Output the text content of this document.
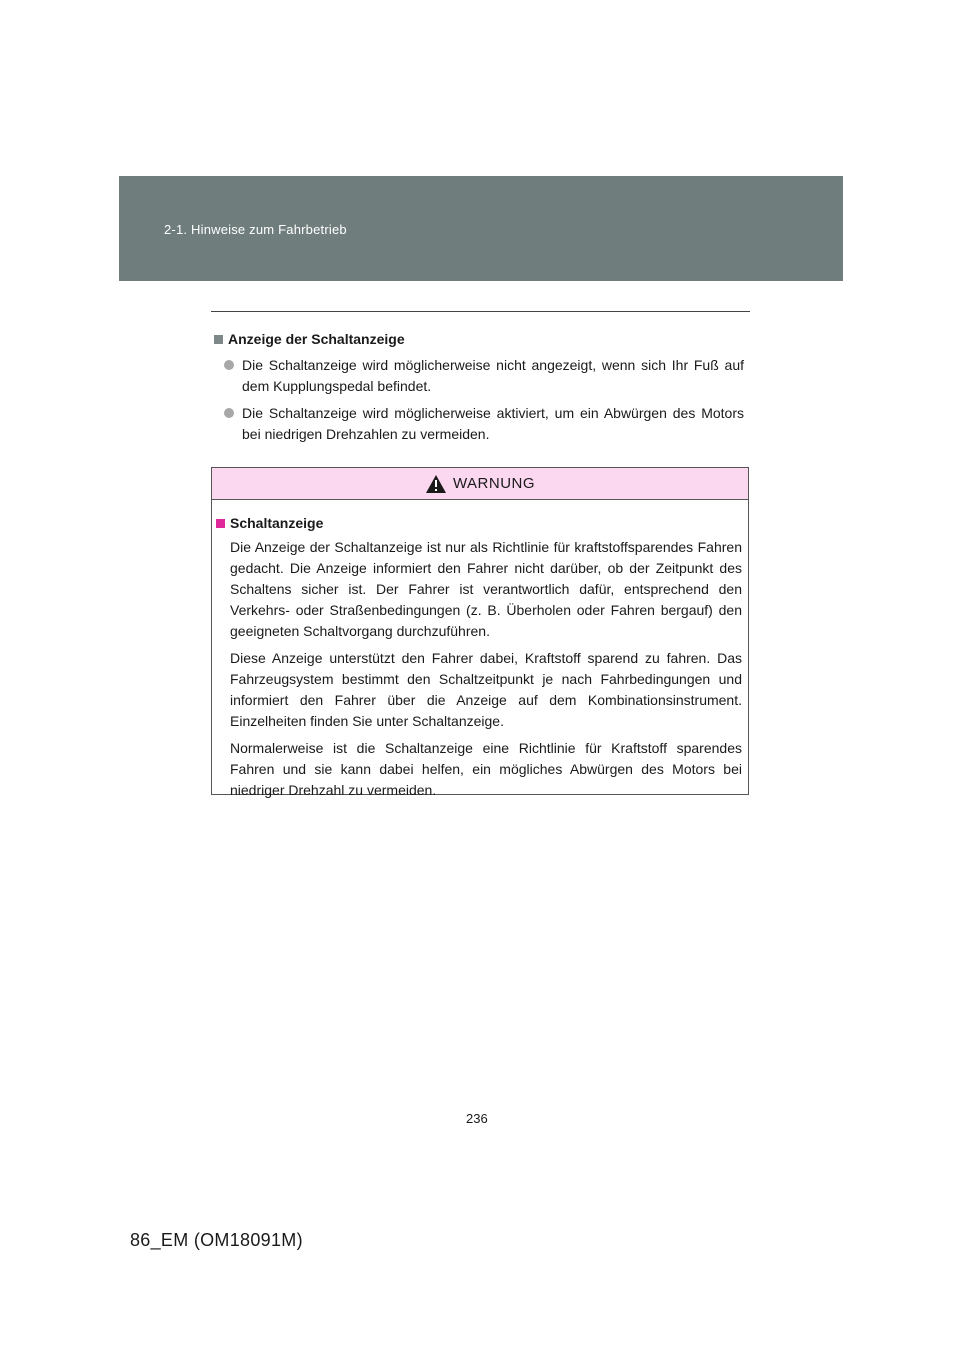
2-1. Hinweise zum Fahrbetrieb
Anzeige der Schaltanzeige
Die Schaltanzeige wird möglicherweise nicht angezeigt, wenn sich Ihr Fuß auf dem Kupplungspedal befindet.
Die Schaltanzeige wird möglicherweise aktiviert, um ein Abwürgen des Motors bei niedrigen Drehzahlen zu vermeiden.
WARNUNG
Schaltanzeige
Die Anzeige der Schaltanzeige ist nur als Richtlinie für kraftstoffsparendes Fahren gedacht. Die Anzeige informiert den Fahrer nicht darüber, ob der Zeitpunkt des Schaltens sicher ist. Der Fahrer ist verantwortlich dafür, entsprechend den Verkehrs- oder Straßenbedingungen (z. B. Überholen oder Fahren bergauf) den geeigneten Schaltvorgang durchzuführen.
Diese Anzeige unterstützt den Fahrer dabei, Kraftstoff sparend zu fahren. Das Fahrzeugsystem bestimmt den Schaltzeitpunkt je nach Fahrbedingungen und informiert den Fahrer über die Anzeige auf dem Kombinationsinstrument. Einzelheiten finden Sie unter Schaltanzeige.
Normalerweise ist die Schaltanzeige eine Richtlinie für Kraftstoff sparendes Fahren und sie kann dabei helfen, ein mögliches Abwürgen des Motors bei niedriger Drehzahl zu vermeiden.
236
86_EM (OM18091M)
